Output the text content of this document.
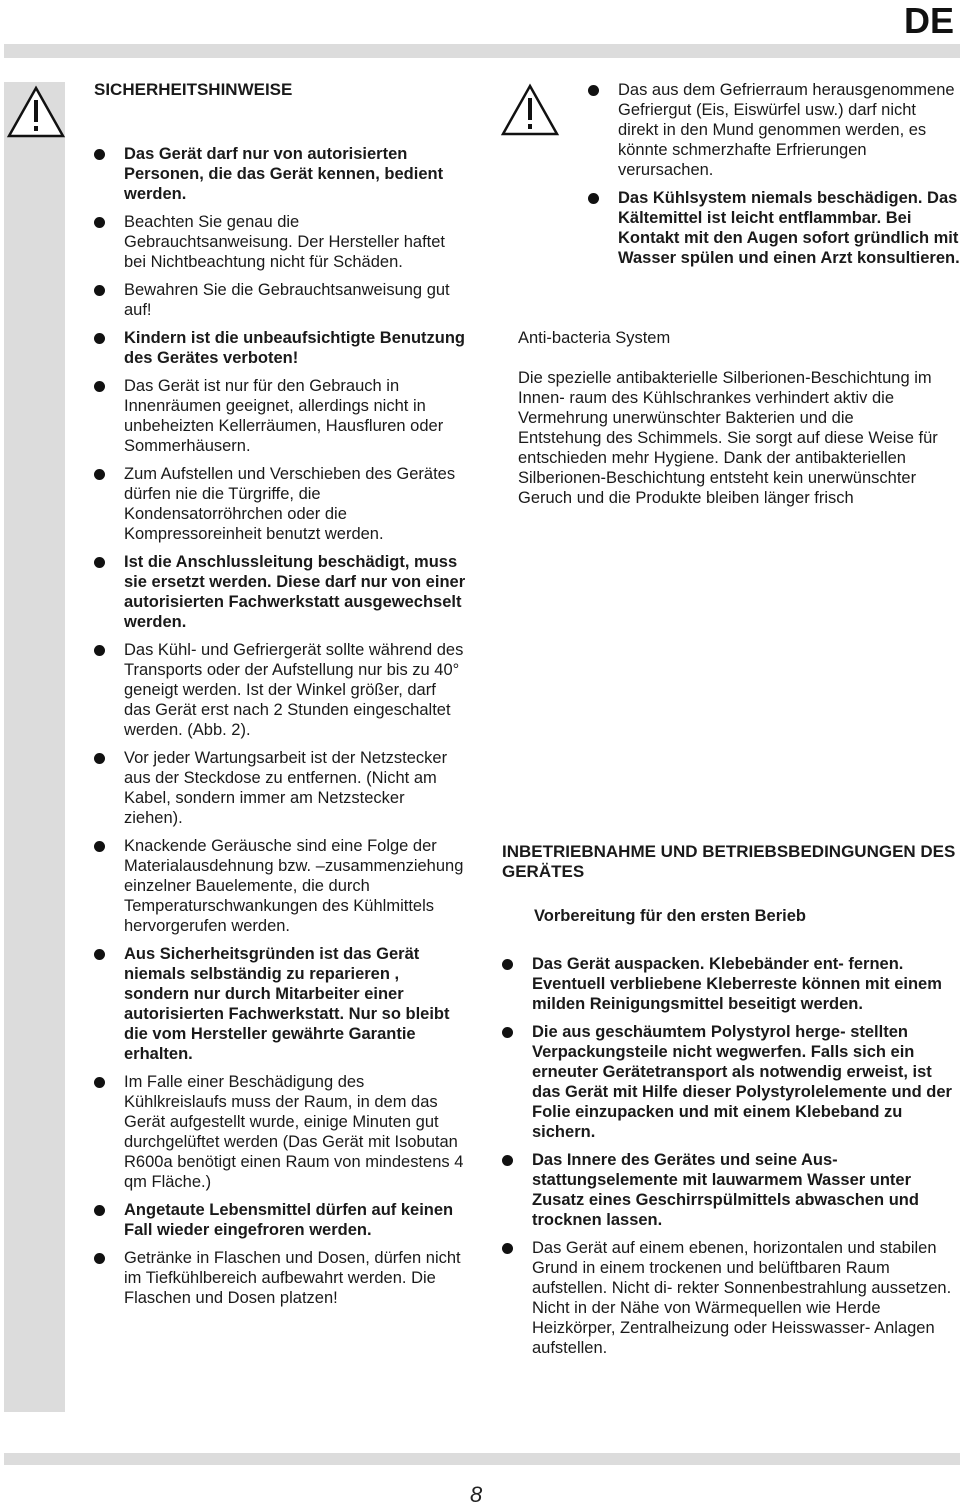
DE

SICHERHEITSHINWEISE

Das Gerät darf nur von autorisierten Personen, die das Gerät kennen, bedient werden.
Beachten Sie genau die Gebrauchtsanweisung. Der Hersteller haftet bei Nichtbeachtung nicht für Schäden.
Bewahren Sie die Gebrauchtsanweisung gut auf!
Kindern ist die unbeaufsichtigte Benutzung des Gerätes verboten!
Das Gerät ist nur für den Gebrauch in Innenräumen geeignet, allerdings nicht in unbeheizten Kellerräumen, Hausfluren oder Sommerhäusern.
Zum Aufstellen und Verschieben des Gerätes dürfen nie die Türgriffe, die Kondensatorröhrchen oder die Kompressoreinheit benutzt werden.
Ist die Anschlussleitung beschädigt, muss sie ersetzt werden. Diese darf nur von einer autorisierten Fachwerkstatt ausgewechselt werden.
Das Kühl- und Gefriergerät sollte während des Transports oder der Aufstellung nur bis zu 40° geneigt werden. Ist der Winkel größer, darf das Gerät erst nach 2 Stunden eingeschaltet werden. (Abb. 2).
Vor jeder Wartungsarbeit ist der Netzstecker aus der Steckdose zu entfernen. (Nicht am Kabel, sondern immer am Netzstecker ziehen).
Knackende Geräusche sind eine Folge der Materialausdehnung bzw. –zusammenziehung einzelner Bauelemente, die durch Temperaturschwankungen des Kühlmittels hervorgerufen werden.
Aus Sicherheitsgründen ist das Gerät niemals selbständig zu reparieren , sondern nur durch Mitarbeiter einer autorisierten Fachwerkstatt. Nur so bleibt die vom Hersteller gewährte Garantie erhalten.
Im Falle einer Beschädigung des Kühlkreislaufs muss der Raum, in dem das Gerät aufgestellt wurde, einige Minuten gut durchgelüftet werden (Das Gerät mit Isobutan R600a benötigt einen Raum von mindestens 4 qm Fläche.)
Angetaute Lebensmittel dürfen auf keinen Fall wieder eingefroren werden.
Getränke in Flaschen und Dosen, dürfen nicht im Tiefkühlbereich aufbewahrt werden. Die Flaschen und Dosen platzen!
Das aus dem Gefrierraum herausgenommene Gefriergut (Eis, Eiswürfel usw.) darf nicht direkt in den Mund genommen werden, es könnte schmerzhafte Erfrierungen verursachen.
Das Kühlsystem niemals beschädigen. Das Kältemittel ist leicht entflammbar. Bei Kontakt mit den Augen sofort gründlich mit Wasser spülen und einen Arzt konsultieren.

Anti-bacteria System

Die spezielle antibakterielle Silberionen-Beschichtung im Innen- raum des Kühlschrankes verhindert aktiv die Vermehrung unerwünschter Bakterien und die Entstehung des Schimmels. Sie sorgt auf diese Weise für entschieden mehr Hygiene. Dank der antibakteriellen Silberionen-Beschichtung entsteht kein unerwünschter Geruch und die Produkte bleiben länger frisch

INBETRIEBNAHME UND BETRIEBSBEDINGUNGEN DES GERÄTES

Vorbereitung für den ersten Berieb

Das Gerät auspacken. Klebebänder ent- fernen. Eventuell verbliebene Kleberreste können mit einem milden Reinigungsmittel beseitigt werden.
Die aus geschäumtem Polystyrol herge- stellten Verpackungsteile nicht wegwerfen. Falls sich ein erneuter Gerätetransport als notwendig erweist, ist das Gerät mit Hilfe dieser Polystyrolelemente und der Folie einzupacken und mit einem Klebeband zu sichern.
Das Innere des Gerätes und seine Aus- stattungselemente mit lauwarmem Wasser unter Zusatz eines Geschirrspülmittels abwaschen und trocknen lassen.
Das Gerät auf einem ebenen, horizontalen und stabilen Grund in einem trockenen und belüftbaren Raum aufstellen. Nicht di- rekter Sonnenbestrahlung aussetzen. Nicht in der Nähe von Wärmequellen wie Herde Heizkörper, Zentralheizung oder Heisswasser- Anlagen aufstellen.
8
